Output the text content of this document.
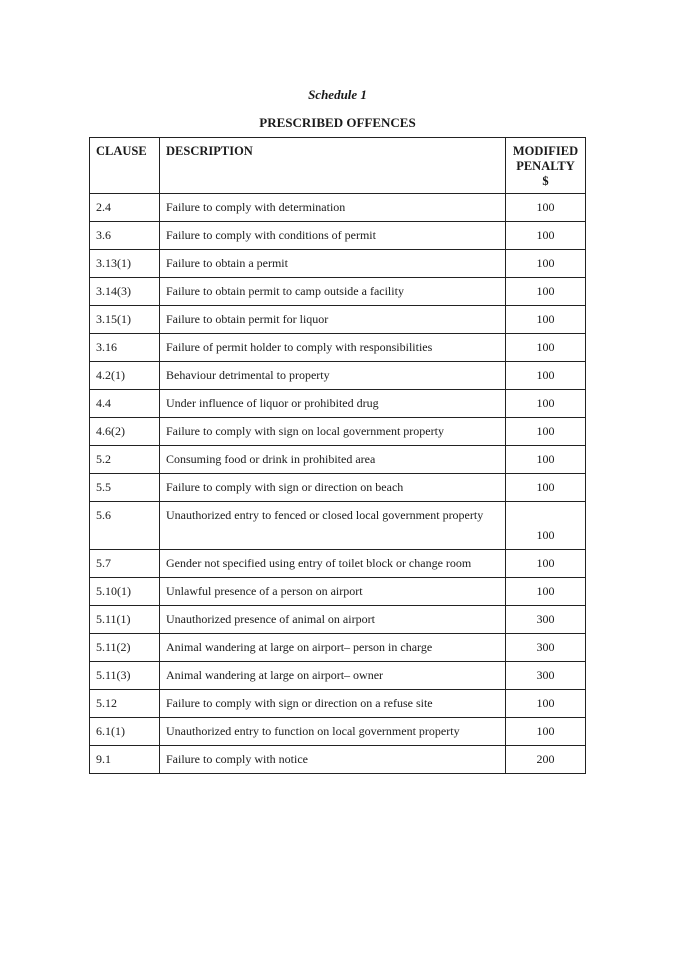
Schedule 1
PRESCRIBED OFFENCES
CLAUSE	DESCRIPTION	MODIFIED
PENALTY
$

2.4	Failure to comply with determination	100
3.6	Failure to comply with conditions of permit	100
3.13(1)	Failure to obtain a permit	100
3.14(3)	Failure to obtain permit to camp outside a facility	100
3.15(1)	Failure to obtain permit for liquor	100
3.16	Failure of permit holder to comply with responsibilities	100
4.2(1)	Behaviour detrimental to property	100
4.4	Under influence of liquor or prohibited drug	100
4.6(2)	Failure to comply with sign on local government property	100
5.2	Consuming food or drink in prohibited area	100
5.5	Failure to comply with sign or direction on beach	100
5.6	Unauthorized entry to fenced or closed local government property	100
5.7	Gender not specified using entry of toilet block or change room	100
5.10(1)	Unlawful presence of a person on airport	100
5.11(1)	Unauthorized presence of animal on airport	300
5.11(2)	Animal wandering at large on airport– person in charge	300
5.11(3)	Animal wandering at large on airport– owner	300
5.12	Failure to comply with sign or direction on a refuse site	100
6.1(1)	Unauthorized entry to function on local government property	100
9.1	Failure to comply with notice	200
